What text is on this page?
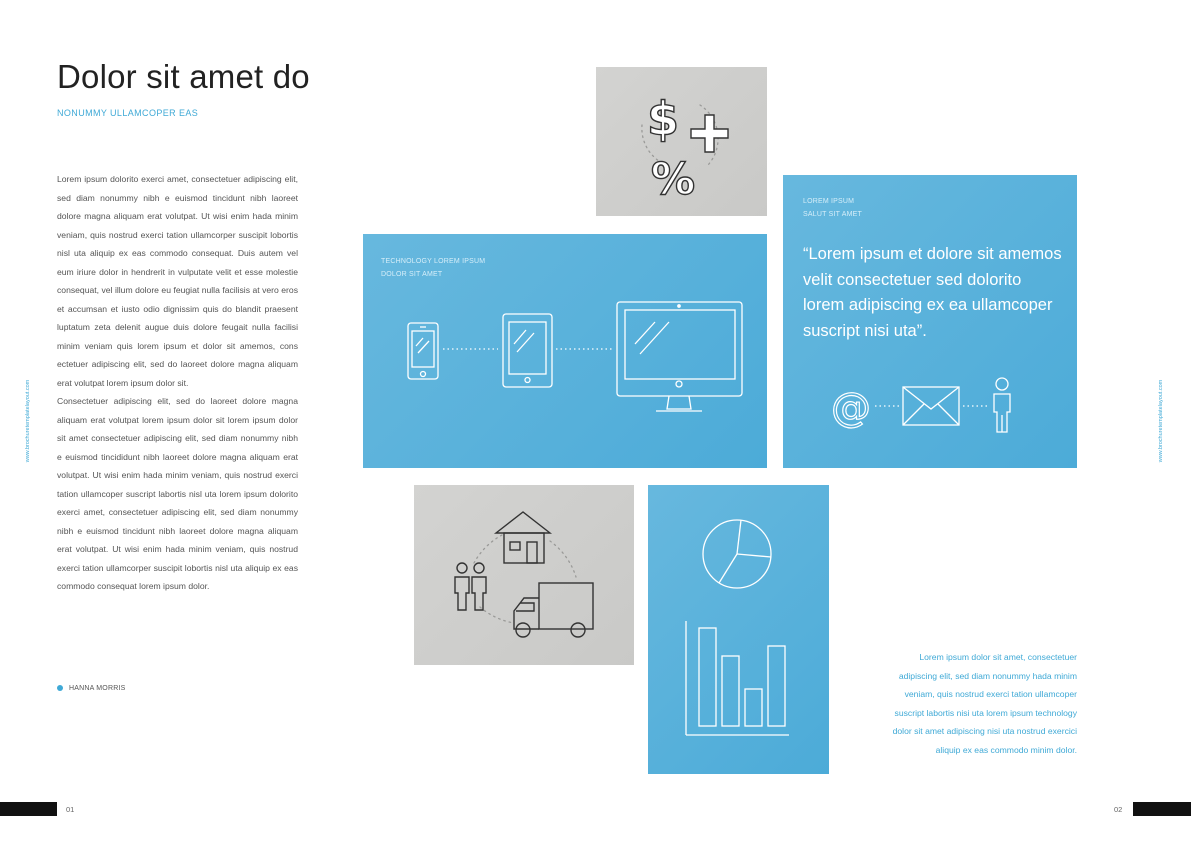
Dolor sit amet do
NONUMMY ULLAMCOPER EAS

Lorem ipsum dolorito exerci amet, consectetuer adipiscing elit, sed diam nonummy nibh e euismod tincidunt nibh laoreet dolore magna aliquam erat volutpat. Ut wisi enim hada minim veniam, quis nostrud exerci tation ullamcorper suscipit lobortis nisl uta aliquip ex eas commodo consequat. Duis autem vel eum iriure dolor in hendrerit in vulputate velit et esse molestie consequat, vel illum dolore eu feugiat nulla facilisis at vero eros et accumsan et iusto odio dignissim quis do blandit praesent luptatum zeta delenit augue duis dolore feugait nulla facilisi minim veniam quis lorem ipsum et dolor sit amemos, cons ectetuer adipiscing elit, sed do laoreet dolore magna aliquam erat volutpat lorem ipsum dolor sit.

Consectetuer adipiscing elit, sed do laoreet dolore magna aliquam erat volutpat lorem ipsum dolor sit lorem ipsum dolor sit amet consectetuer adipiscing elit, sed diam nonummy nibh e euismod tincididunt nibh laoreet dolore magna aliquam erat volutpat. Ut wisi enim hada minim veniam, quis nostrud exerci tation ullamcoper suscript labortis nisl uta lorem ipsum dolorito exerci amet, consectetuer adipiscing elit, sed diam nonummy nibh e euismod tincidunt nibh laoreet dolore magna aliquam erat volutpat. Ut wisi enim hada minim veniam, quis nostrud exerci tation ullamcorper suscipit lobortis nisl uta aliquip ex eas commodo consequat lorem ipsum dolor.

HANNA MORRIS
www.brochuretemplatelayout.com	www.brochuretemplatelayout.com
01	02
$
%	LOREM IPSUM
SALUT SIT AMET
“Lorem ipsum et dolore sit amemos velit consectetuer sed dolorito lorem adipiscing ex ea ullamcoper suscript nisi uta”.
@
TECHNOLOGY LOREM IPSUM
DOLOR SIT AMET
Lorem ipsum dolor sit amet, consectetuer adipiscing elit, sed diam nonummy hada minim veniam, quis nostrud exerci tation ullamcoper suscript labortis nisi uta lorem ipsum technology dolor sit amet adipiscing nisi uta nostrud exercici aliquip ex eas commodo minim dolor.
